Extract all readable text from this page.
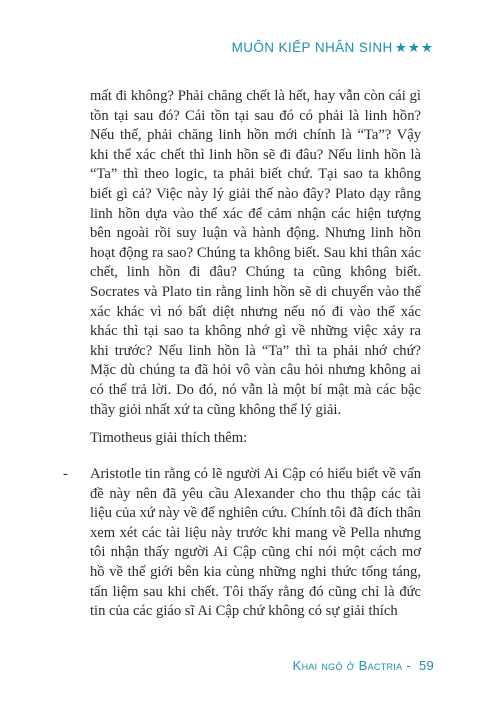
MUÔN KIẾP NHÂN SINH ★★★

mất đi không? Phải chăng chết là hết, hay vẫn còn cái gì tồn tại sau đó? Cái tồn tại sau đó có phải là linh hồn? Nếu thế, phải chăng linh hồn mới chính là “Ta”? Vậy khi thể xác chết thì linh hồn sẽ đi đâu? Nếu linh hồn là “Ta” thì theo logic, ta phải biết chứ. Tại sao ta không biết gì cả? Việc này lý giải thế nào đây? Plato dạy rằng linh hồn dựa vào thể xác để cảm nhận các hiện tượng bên ngoài rồi suy luận và hành động. Nhưng linh hồn hoạt động ra sao? Chúng ta không biết. Sau khi thân xác chết, linh hồn đi đâu? Chúng ta cũng không biết. Socrates và Plato tin rằng linh hồn sẽ di chuyển vào thể xác khác vì nó bất diệt nhưng nếu nó đi vào thể xác khác thì tại sao ta không nhớ gì về những việc xảy ra khi trước? Nếu linh hồn là “Ta” thì ta phải nhớ chứ? Mặc dù chúng ta đã hỏi vô vàn câu hỏi nhưng không ai có thể trả lời. Do đó, nó vẫn là một bí mật mà các bậc thầy giỏi nhất xứ ta cũng không thể lý giải.

Timotheus giải thích thêm:

- Aristotle tin rằng có lẽ người Ai Cập có hiểu biết về vấn đề này nên đã yêu cầu Alexander cho thu thập các tài liệu của xứ này về để nghiên cứu. Chính tôi đã đích thân xem xét các tài liệu này trước khi mang về Pella nhưng tôi nhận thấy người Ai Cập cũng chỉ nói một cách mơ hồ về thế giới bên kia cùng những nghi thức tống táng, tẩn liệm sau khi chết. Tôi thấy rằng đó cũng chỉ là đức tin của các giáo sĩ Ai Cập chứ không có sự giải thích

Khai ngộ ở Bactria - 59
